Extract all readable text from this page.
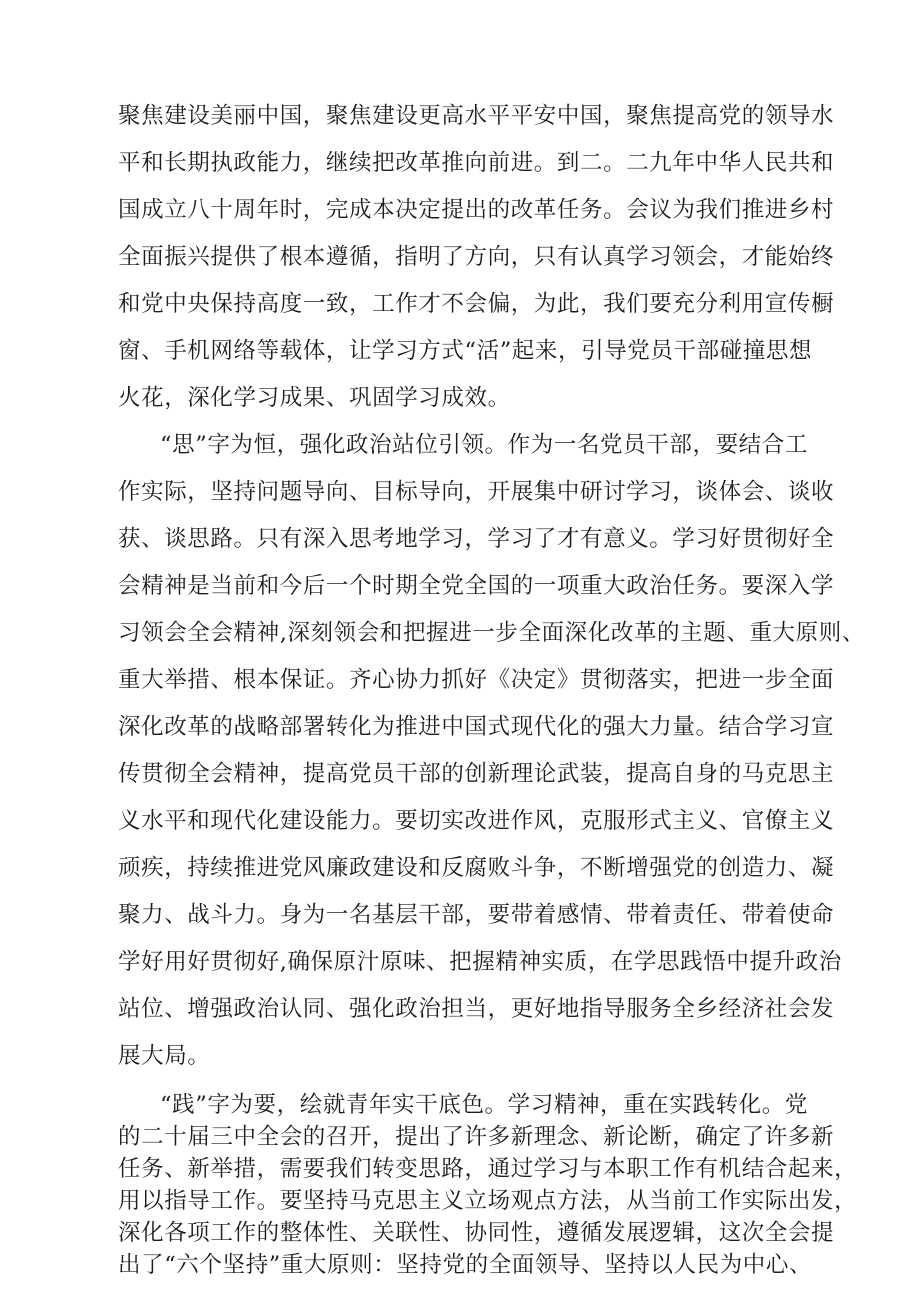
聚焦建设美丽中国，聚焦建设更高水平平安中国，聚焦提高党的领导水
平和长期执政能力，继续把改革推向前进。到二。二九年中华人民共和
国成立八十周年时，完成本决定提出的改革任务。会议为我们推进乡村
全面振兴提供了根本遵循，指明了方向，只有认真学习领会，才能始终
和党中央保持高度一致，工作才不会偏，为此，我们要充分利用宣传橱
窗、手机网络等载体，让学习方式“活”起来，引导党员干部碰撞思想
火花，深化学习成果、巩固学习成效。
“思”字为恒，强化政治站位引领。作为一名党员干部，要结合工
作实际，坚持问题导向、目标导向，开展集中研讨学习，谈体会、谈收
获、谈思路。只有深入思考地学习，学习了才有意义。学习好贯彻好全
会精神是当前和今后一个时期全党全国的一项重大政治任务。要深入学
习领会全会精神,深刻领会和把握进一步全面深化改革的主题、重大原则、
重大举措、根本保证。齐心协力抓好《决定》贯彻落实，把进一步全面
深化改革的战略部署转化为推进中国式现代化的强大力量。结合学习宣
传贯彻全会精神，提高党员干部的创新理论武装，提高自身的马克思主
义水平和现代化建设能力。要切实改进作风，克服形式主义、官僚主义
顽疾，持续推进党风廉政建设和反腐败斗争，不断增强党的创造力、凝
聚力、战斗力。身为一名基层干部，要带着感情、带着责任、带着使命
学好用好贯彻好,确保原汁原味、把握精神实质，在学思践悟中提升政治
站位、增强政治认同、强化政治担当，更好地指导服务全乡经济社会发
展大局。
“践”字为要，绘就青年实干底色。学习精神，重在实践转化。党
的二十届三中全会的召开，提出了许多新理念、新论断，确定了许多新
任务、新举措，需要我们转变思路，通过学习与本职工作有机结合起来，
用以指导工作。要坚持马克思主义立场观点方法，从当前工作实际出发，
深化各项工作的整体性、关联性、协同性，遵循发展逻辑，这次全会提
出了“六个坚持”重大原则：坚持党的全面领导、坚持以人民为中心、
